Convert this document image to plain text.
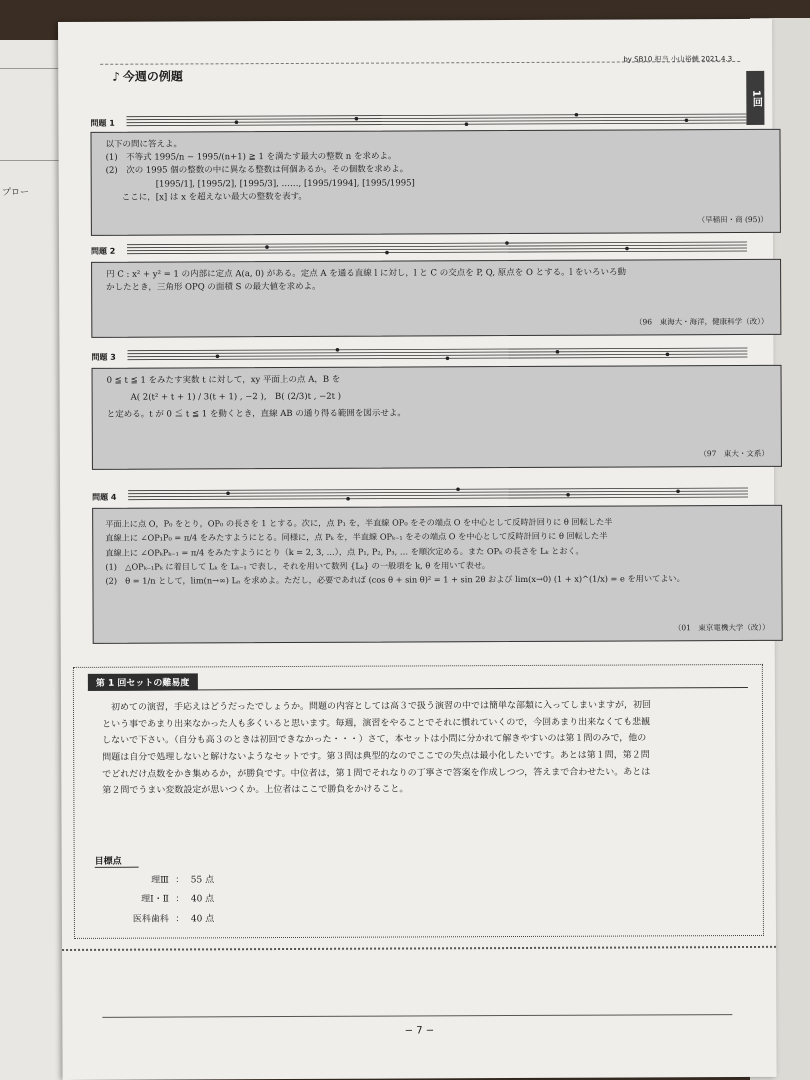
プロー
by SB10 担当 小山裕輔 2021.4.3
♪ 今週の例題
1回
問題 1

以下の問に答えよ。

(1)　不等式 1995/n − 1995/(n+1) ≧ 1 を満たす最大の整数 n を求めよ。

(2)　次の 1995 個の整数の中に異なる整数は何個あるか。その個数を求めよ。

[1995/1], [1995/2], [1995/3], ……, [1995/1994], [1995/1995]

ここに，[x] は x を超えない最大の整数を表す。

（早稲田・商 (95)）
問題 2

円 C : x² + y² = 1 の内部に定点 A(a, 0) がある。定点 A を通る直線 l に対し，l と C の交点を P, Q, 原点を O とする。l をいろいろ動

かしたとき，三角形 OPQ の面積 S の最大値を求めよ。

（96　東海大・海洋，健康科学（改））
問題 3

0 ≦ t ≦ 1 をみたす実数 t に対して，xy 平面上の点 A，B を

A( 2(t² + t + 1) / 3(t + 1) , −2 ),　B( (2/3)t , −2t )

と定める。t が 0 ≦ t ≦ 1 を動くとき，直線 AB の通り得る範囲を図示せよ。

（97　東大・文系）
問題 4

平面上に点 O，P₀ をとり，OP₀ の長さを 1 とする。次に，点 P₁ を，半直線 OP₀ をその端点 O を中心として反時計回りに θ 回転した半

直線上に ∠OP₁P₀ = π/4 をみたすようにとる。同様に，点 Pₖ を，半直線 OPₖ₋₁ をその端点 O を中心として反時計回りに θ 回転した半

直線上に ∠OPₖPₖ₋₁ = π/4 をみたすようにとり（k = 2, 3, …），点 P₁, P₂, P₃, … を順次定める。また OPₖ の長さを Lₖ とおく。

(1)　△OPₖ₋₁Pₖ に着目して Lₖ を Lₖ₋₁ で表し，それを用いて数列 {Lₖ} の一般項を k, θ を用いて表せ。

(2)　θ = 1/n として，lim(n→∞) Lₙ を求めよ。ただし，必要であれば (cos θ + sin θ)² = 1 + sin 2θ および lim(x→0) (1 + x)^(1/x) = e を用いてよい。

（01　東京電機大学（改））
第 1 回セットの難易度

初めての演習，手応えはどうだったでしょうか。問題の内容としては高３で扱う演習の中では簡単な部類に入ってしまいますが，初回

という事であまり出来なかった人も多くいると思います。毎週，演習をやることでそれに慣れていくので，今回あまり出来なくても悲観

しないで下さい。（自分も高３のときは初回できなかった・・・）さて，本セットは小問に分かれて解きやすいのは第１問のみで，他の

問題は自分で処理しないと解けないようなセットです。第３問は典型的なのでここでの失点は最小化したいです。あとは第１問，第２問

でどれだけ点数をかき集めるか，が勝負です。中位者は，第１問でそれなりの丁寧さで答案を作成しつつ，答えまで合わせたい。あとは

第２問でうまい変数設定が思いつくか。上位者はここで勝負をかけること。

目標点
理Ⅲ ： 55 点
理Ⅰ・Ⅱ ： 40 点
医科歯科 ： 40 点
− 7 −
